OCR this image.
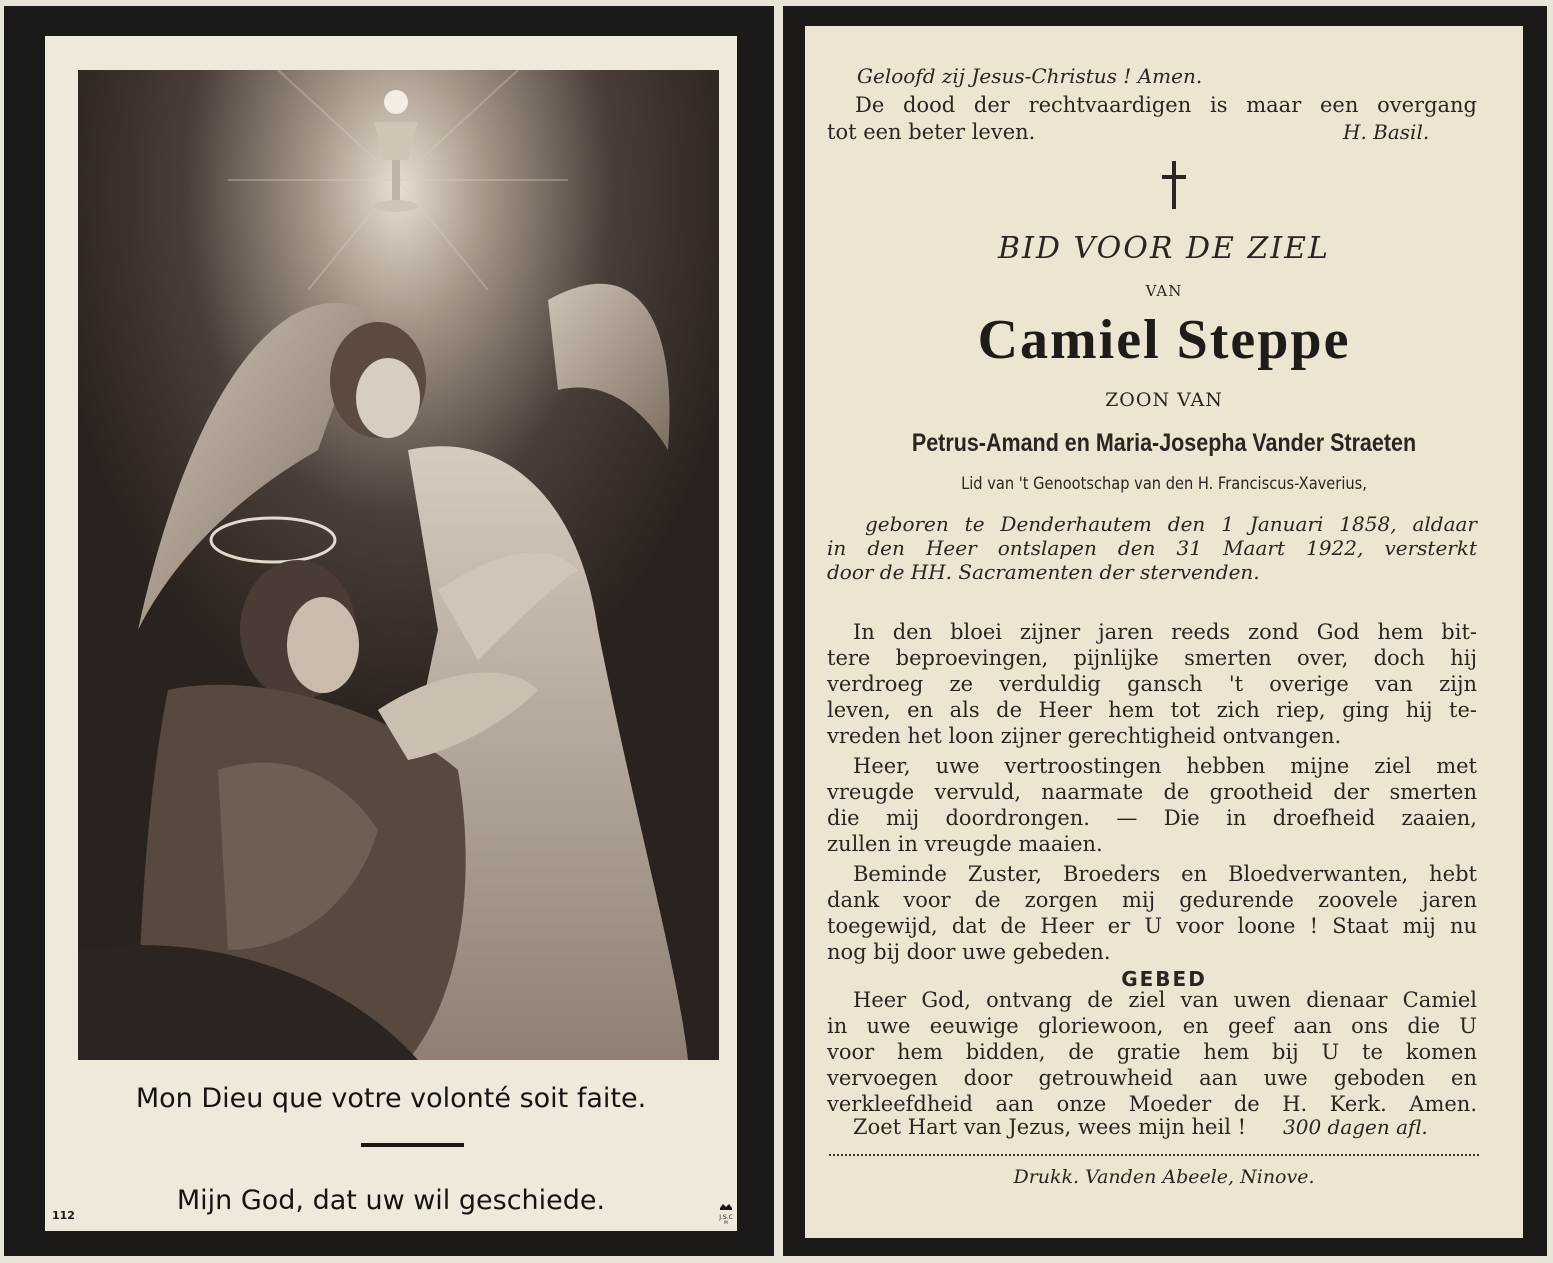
Mon Dieu que votre volonté soit faite.
Mijn God, dat uw wil geschiede.
112	J.S.C
M
Geloofd zij Jesus-Christus ! Amen.
De dood der rechtvaardigen is maar een overgang
tot een beter leven.	H. Basil.
BID VOOR DE ZIEL
VAN
Camiel Steppe
ZOON VAN
Petrus-Amand en Maria-Josepha Vander Straeten
Lid van 't Genootschap van den H. Franciscus-Xaverius,
geboren te Denderhautem den 1 Januari 1858, aldaar
in den Heer ontslapen den 31 Maart 1922, versterkt
door de HH. Sacramenten der stervenden.
In den bloei zijner jaren reeds zond God hem bit-
tere beproevingen, pijnlijke smerten over, doch hij
verdroeg ze verduldig gansch 't overige van zijn
leven, en als de Heer hem tot zich riep, ging hij te-
vreden het loon zijner gerechtigheid ontvangen.
Heer, uwe vertroostingen hebben mijne ziel met
vreugde vervuld, naarmate de grootheid der smerten
die mij doordrongen. — Die in droefheid zaaien,
zullen in vreugde maaien.
Beminde Zuster, Broeders en Bloedverwanten, hebt
dank voor de zorgen mij gedurende zoovele jaren
toegewijd, dat de Heer er U voor loone ! Staat mij nu
nog bij door uwe gebeden.
GEBED
Heer God, ontvang de ziel van uwen dienaar Camiel
in uwe eeuwige gloriewoon, en geef aan ons die U
voor hem bidden, de gratie hem bij U te komen
vervoegen door getrouwheid aan uwe geboden en
verkleefdheid aan onze Moeder de H. Kerk. Amen.
Zoet Hart van Jezus, wees mijn heil ! 300 dagen afl.
Drukk. Vanden Abeele, Ninove.
